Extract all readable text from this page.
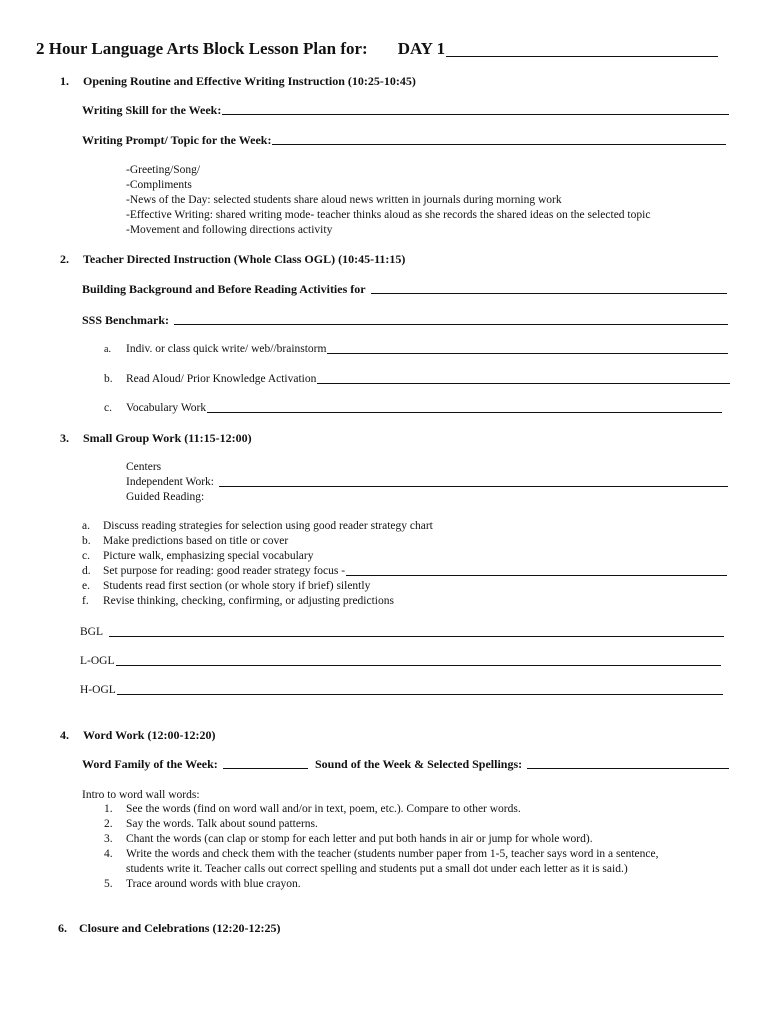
2 Hour Language Arts Block Lesson Plan for: DAY 1
1. Opening Routine and Effective Writing Instruction (10:25-10:45)
Writing Skill for the Week:
Writing Prompt/ Topic for the Week:
-Greeting/Song/
-Compliments
-News of the Day: selected students share aloud news written in journals during morning work
-Effective Writing: shared writing mode- teacher thinks aloud as she records the shared ideas on the selected topic
-Movement and following directions activity
2. Teacher Directed Instruction (Whole Class OGL) (10:45-11:15)
Building Background and Before Reading Activities for
SSS Benchmark:
a.	Indiv. or class quick write/ web//brainstorm
b.	Read Aloud/ Prior Knowledge Activation
c.	Vocabulary Work
3. Small Group Work (11:15-12:00)
Centers
Independent Work:
Guided Reading:
a. Discuss reading strategies for selection using good reader strategy chart
b. Make predictions based on title or cover
c. Picture walk, emphasizing special vocabulary
d.	Set purpose for reading: good reader strategy focus -
e. Students read first section (or whole story if brief) silently
f. Revise thinking, checking, confirming, or adjusting predictions
BGL
L-OGL
H-OGL
4. Word Work (12:00-12:20)
Word Family of the Week:	Sound of the Week & Selected Spellings:
Intro to word wall words:
1. See the words (find on word wall and/or in text, poem, etc.). Compare to other words.
2. Say the words. Talk about sound patterns.
3. Chant the words (can clap or stomp for each letter and put both hands in air or jump for whole word).
4. Write the words and check them with the teacher (students number paper from 1-5, teacher says word in a sentence,
students write it. Teacher calls out correct spelling and students put a small dot under each letter as it is said.)
5. Trace around words with blue crayon.
6. Closure and Celebrations (12:20-12:25)
